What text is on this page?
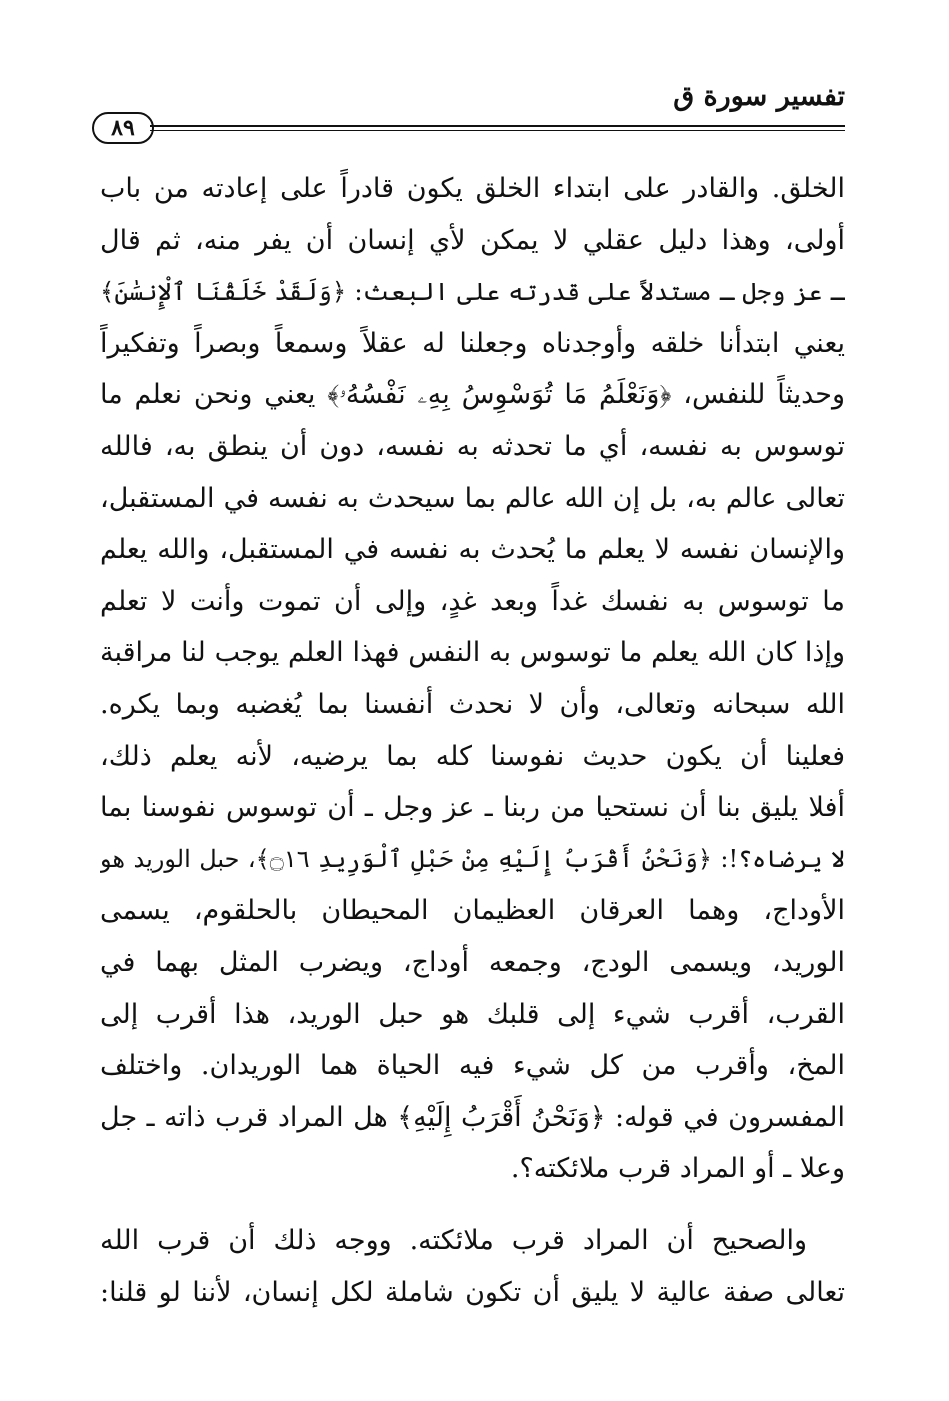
تفسير سورة ق
٨٩
الخلق. والقادر على ابتداء الخلق يكون قادراً على إعادته من باب
أولى، وهذا دليل عقلي لا يمكن لأي إنسان أن يفر منه، ثم قال
ـ عز وجل ـ مستدلاً على قدرته على البعث: ﴿وَلَقَدْ خَلَقْنَا ٱلْإِنسَٰنَ﴾
يعني ابتدأنا خلقه وأوجدناه وجعلنا له عقلاً وسمعاً وبصراً وتفكيراً
وحديثاً للنفس، ﴿وَنَعْلَمُ مَا تُوَسْوِسُ بِهِۦ نَفْسُهُۥ﴾ يعني ونحن نعلم ما
توسوس به نفسه، أي ما تحدثه به نفسه، دون أن ينطق به، فالله
تعالى عالم به، بل إن الله عالم بما سيحدث به نفسه في المستقبل،
والإنسان نفسه لا يعلم ما يُحدث به نفسه في المستقبل، والله يعلم
ما توسوس به نفسك غداً وبعد غدٍ، وإلى أن تموت وأنت لا تعلم
وإذا كان الله يعلم ما توسوس به النفس فهذا العلم يوجب لنا مراقبة
الله سبحانه وتعالى، وأن لا نحدث أنفسنا بما يُغضبه وبما يكره.
فعلينا أن يكون حديث نفوسنا كله بما يرضيه، لأنه يعلم ذلك،
أفلا يليق بنا أن نستحيا من ربنا ـ عز وجل ـ أن توسوس نفوسنا بما
لا يرضاه؟!: ﴿وَنَحْنُ أَقْرَبُ إِلَيْهِ مِنْ حَبْلِ ٱلْوَرِيدِ ۝١٦﴾، حبل الوريد هو
الأوداج، وهما العرقان العظيمان المحيطان بالحلقوم، يسمى
الوريد، ويسمى الودج، وجمعه أوداج، ويضرب المثل بهما في
القرب، أقرب شيء إلى قلبك هو حبل الوريد، هذا أقرب إلى
المخ، وأقرب من كل شيء فيه الحياة هما الوريدان. واختلف
المفسرون في قوله: ﴿وَنَحْنُ أَقْرَبُ إِلَيْهِ﴾ هل المراد قرب ذاته ـ جل
وعلا ـ أو المراد قرب ملائكته؟.
والصحيح أن المراد قرب ملائكته. ووجه ذلك أن قرب الله
تعالى صفة عالية لا يليق أن تكون شاملة لكل إنسان، لأننا لو قلنا:
